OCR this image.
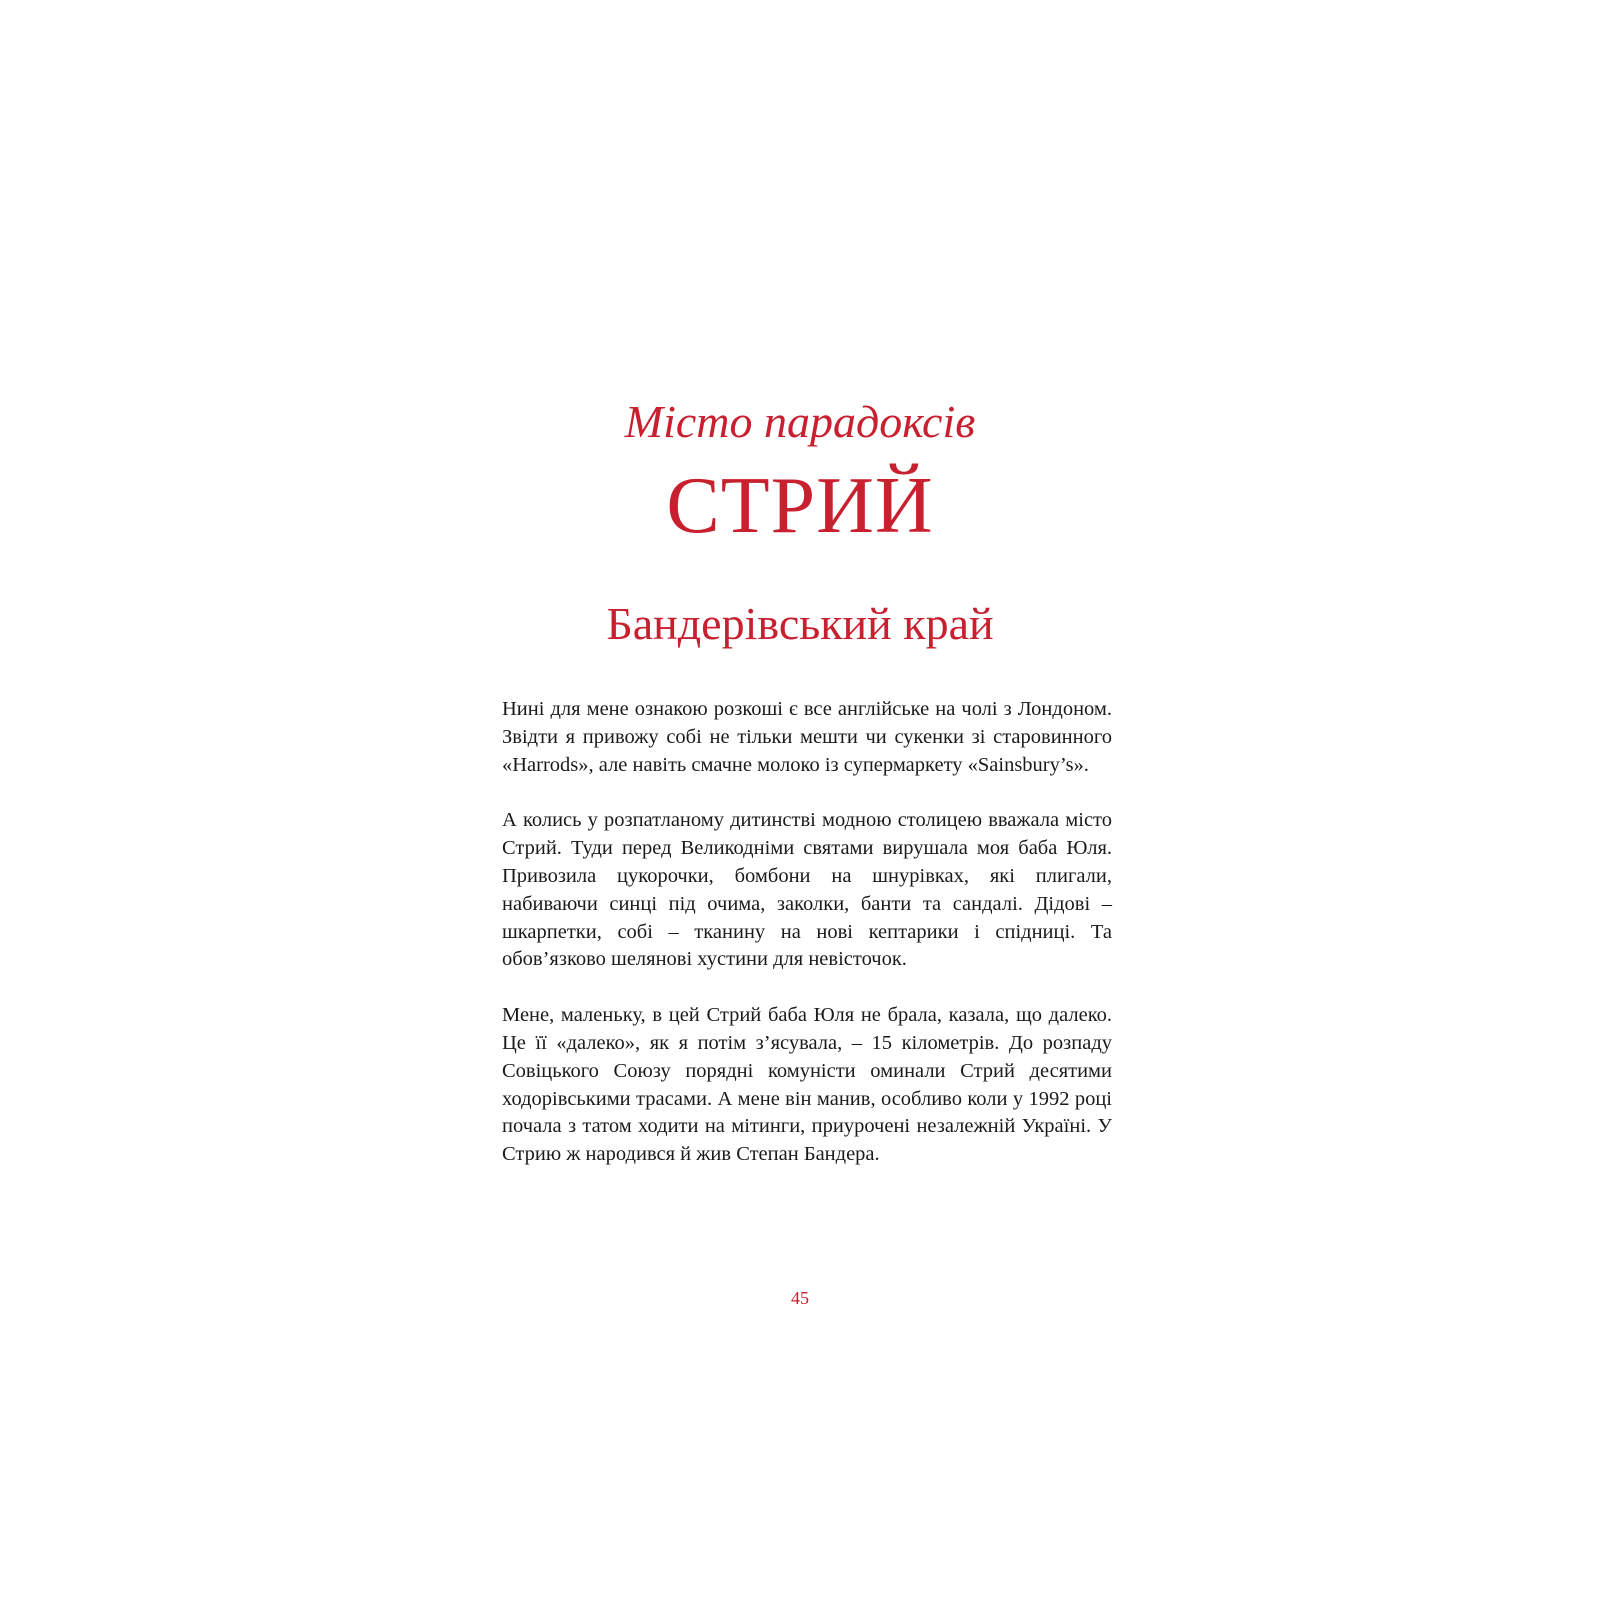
Місто парадоксів
СТРИЙ
Бандерівський край

Нині для мене ознакою розкоші є все англійське на чолі з Лондоном. Звідти я привожу собі не тільки мешти чи сукенки зі старовинного «Harrods», але навіть смачне молоко із супермаркету «Sainsbury’s».

А колись у розпатланому дитинстві модною столицею вважала місто Стрий. Туди перед Великодніми святами вирушала моя баба Юля. Привозила цукорочки, бомбони на шнурівках, які плигали, набиваючи синці під очима, заколки, банти та сандалі. Дідові – шкарпетки, собі – тканину на нові кептарики і спідниці. Та обов’язково шелянові хустини для невісточок.

Мене, маленьку, в цей Стрий баба Юля не брала, казала, що далеко. Це її «далеко», як я потім з’ясувала, – 15 кілометрів. До розпаду Совіцького Союзу порядні комуністи оминали Стрий десятими ходорівськими трасами. А мене він манив, особливо коли у 1992 році почала з татом ходити на мітинги, приурочені незалежній Україні. У Стрию ж народився й жив Степан Бандера.

45
